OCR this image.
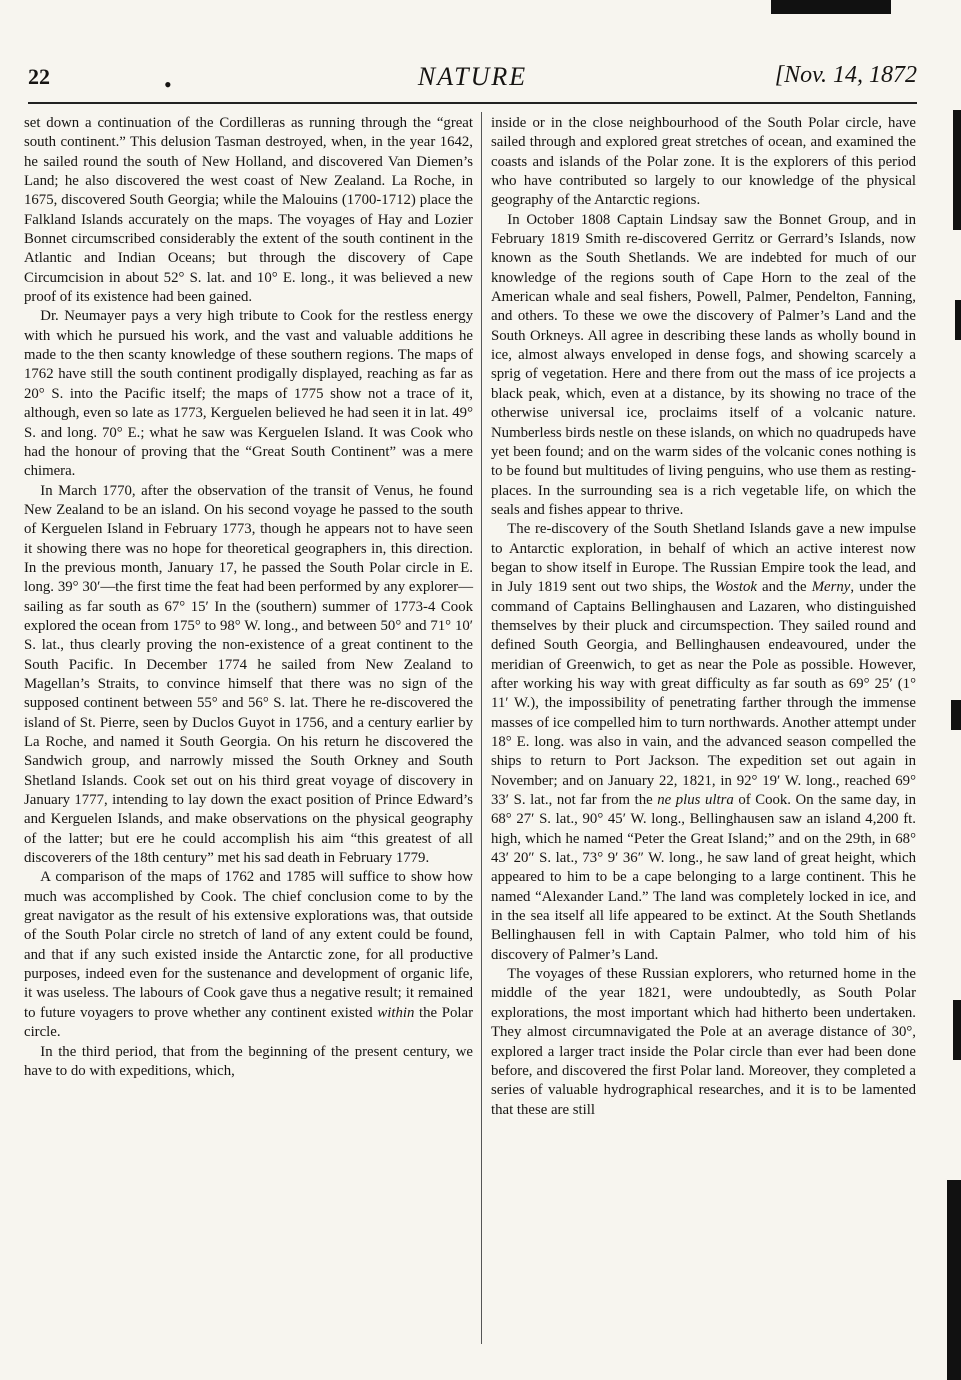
22	•	NATURE	[Nov. 14, 1872

set down a continuation of the Cordilleras as running through the “great south continent.” This delusion Tasman destroyed, when, in the year 1642, he sailed round the south of New Holland, and discovered Van Diemen’s Land; he also discovered the west coast of New Zealand. La Roche, in 1675, discovered South Georgia; while the Malouins (1700-1712) place the Falkland Islands accurately on the maps. The voyages of Hay and Lozier Bonnet circumscribed considerably the extent of the south continent in the Atlantic and Indian Oceans; but through the discovery of Cape Circumcision in about 52° S. lat. and 10° E. long., it was believed a new proof of its existence had been gained.

Dr. Neumayer pays a very high tribute to Cook for the restless energy with which he pursued his work, and the vast and valuable additions he made to the then scanty knowledge of these southern regions. The maps of 1762 have still the south continent prodigally displayed, reaching as far as 20° S. into the Pacific itself; the maps of 1775 show not a trace of it, although, even so late as 1773, Kerguelen believed he had seen it in lat. 49° S. and long. 70° E.; what he saw was Kerguelen Island. It was Cook who had the honour of proving that the “Great South Continent” was a mere chimera.

In March 1770, after the observation of the transit of Venus, he found New Zealand to be an island. On his second voyage he passed to the south of Kerguelen Island in February 1773, though he appears not to have seen it showing there was no hope for theoretical geographers in, this direction. In the previous month, January 17, he passed the South Polar circle in E. long. 39° 30′—the first time the feat had been performed by any explorer—sailing as far south as 67° 15′ In the (southern) summer of 1773-4 Cook explored the ocean from 175° to 98° W. long., and between 50° and 71° 10′ S. lat., thus clearly proving the non-existence of a great continent to the South Pacific. In December 1774 he sailed from New Zealand to Magellan’s Straits, to convince himself that there was no sign of the supposed continent between 55° and 56° S. lat. There he re-discovered the island of St. Pierre, seen by Duclos Guyot in 1756, and a century earlier by La Roche, and named it South Georgia. On his return he discovered the Sandwich group, and narrowly missed the South Orkney and South Shetland Islands. Cook set out on his third great voyage of discovery in January 1777, intending to lay down the exact position of Prince Edward’s and Kerguelen Islands, and make observations on the physical geography of the latter; but ere he could accomplish his aim “this greatest of all discoverers of the 18th century” met his sad death in February 1779.

A comparison of the maps of 1762 and 1785 will suffice to show how much was accomplished by Cook. The chief conclusion come to by the great navigator as the result of his extensive explorations was, that outside of the South Polar circle no stretch of land of any extent could be found, and that if any such existed inside the Antarctic zone, for all productive purposes, indeed even for the sustenance and development of organic life, it was useless. The labours of Cook gave thus a negative result; it remained to future voyagers to prove whether any continent existed within the Polar circle.

In the third period, that from the beginning of the present century, we have to do with expeditions, which,

inside or in the close neighbourhood of the South Polar circle, have sailed through and explored great stretches of ocean, and examined the coasts and islands of the Polar zone. It is the explorers of this period who have contributed so largely to our knowledge of the physical geography of the Antarctic regions.

In October 1808 Captain Lindsay saw the Bonnet Group, and in February 1819 Smith re-discovered Gerritz or Gerrard’s Islands, now known as the South Shetlands. We are indebted for much of our knowledge of the regions south of Cape Horn to the zeal of the American whale and seal fishers, Powell, Palmer, Pendelton, Fanning, and others. To these we owe the discovery of Palmer’s Land and the South Orkneys. All agree in describing these lands as wholly bound in ice, almost always enveloped in dense fogs, and showing scarcely a sprig of vegetation. Here and there from out the mass of ice projects a black peak, which, even at a distance, by its showing no trace of the otherwise universal ice, proclaims itself of a volcanic nature. Numberless birds nestle on these islands, on which no quadrupeds have yet been found; and on the warm sides of the volcanic cones nothing is to be found but multitudes of living penguins, who use them as resting-places. In the surrounding sea is a rich vegetable life, on which the seals and fishes appear to thrive.

The re-discovery of the South Shetland Islands gave a new impulse to Antarctic exploration, in behalf of which an active interest now began to show itself in Europe. The Russian Empire took the lead, and in July 1819 sent out two ships, the Wostok and the Merny, under the command of Captains Bellinghausen and Lazaren, who distinguished themselves by their pluck and circumspection. They sailed round and defined South Georgia, and Bellinghausen endeavoured, under the meridian of Greenwich, to get as near the Pole as possible. However, after working his way with great difficulty as far south as 69° 25′ (1° 11′ W.), the impossibility of penetrating farther through the immense masses of ice compelled him to turn northwards. Another attempt under 18° E. long. was also in vain, and the advanced season compelled the ships to return to Port Jackson. The expedition set out again in November; and on January 22, 1821, in 92° 19′ W. long., reached 69° 33′ S. lat., not far from the ne plus ultra of Cook. On the same day, in 68° 27′ S. lat., 90° 45′ W. long., Bellinghausen saw an island 4,200 ft. high, which he named “Peter the Great Island;” and on the 29th, in 68° 43′ 20″ S. lat., 73° 9′ 36″ W. long., he saw land of great height, which appeared to him to be a cape belonging to a large continent. This he named “Alexander Land.” The land was completely locked in ice, and in the sea itself all life appeared to be extinct. At the South Shetlands Bellinghausen fell in with Captain Palmer, who told him of his discovery of Palmer’s Land.

The voyages of these Russian explorers, who returned home in the middle of the year 1821, were undoubtedly, as South Polar explorations, the most important which had hitherto been undertaken. They almost circumnavigated the Pole at an average distance of 30°, explored a larger tract inside the Polar circle than ever had been done before, and discovered the first Polar land. Moreover, they completed a series of valuable hydrographical researches, and it is to be lamented that these are still
